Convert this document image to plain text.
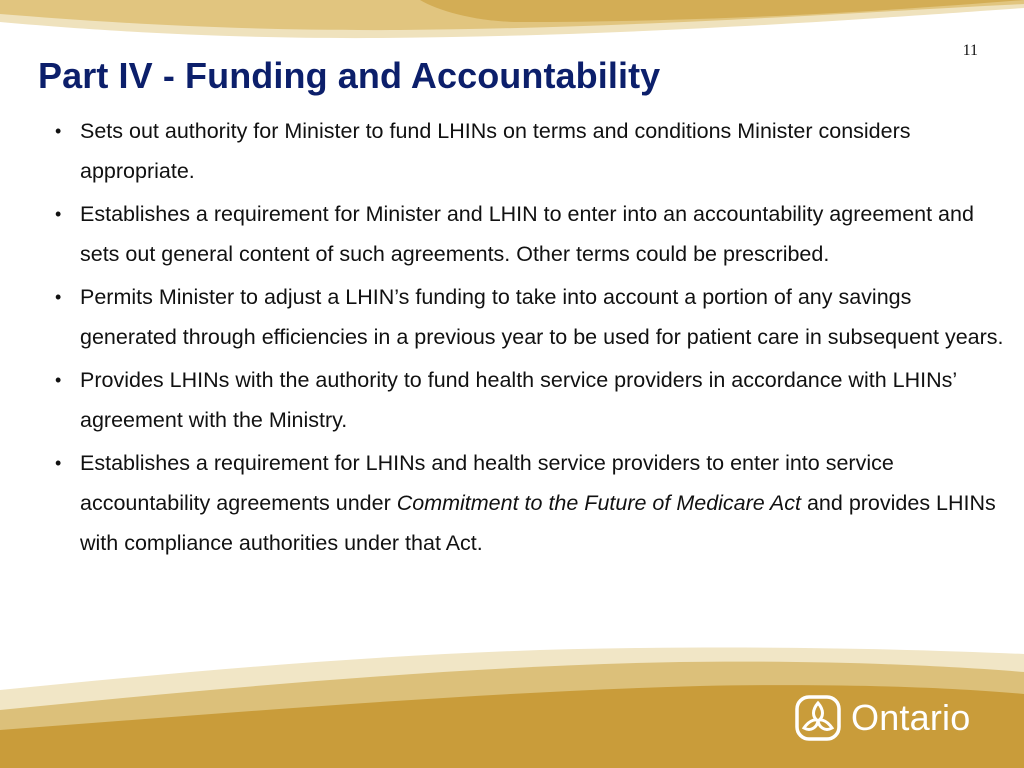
11
Part IV - Funding and Accountability
• Sets out authority for Minister to fund LHINs on terms and conditions Minister considers appropriate.
• Establishes a requirement for Minister and LHIN to enter into an accountability agreement and sets out general content of such agreements. Other terms could be prescribed.
• Permits Minister to adjust a LHIN’s funding to take into account a portion of any savings generated through efficiencies in a previous year to be used for patient care in subsequent years.
• Provides LHINs with the authority to fund health service providers in accordance with LHINs’ agreement with the Ministry.
• Establishes a requirement for LHINs and health service providers to enter into service accountability agreements under Commitment to the Future of Medicare Act and provides LHINs with compliance authorities under that Act.
Ontario
